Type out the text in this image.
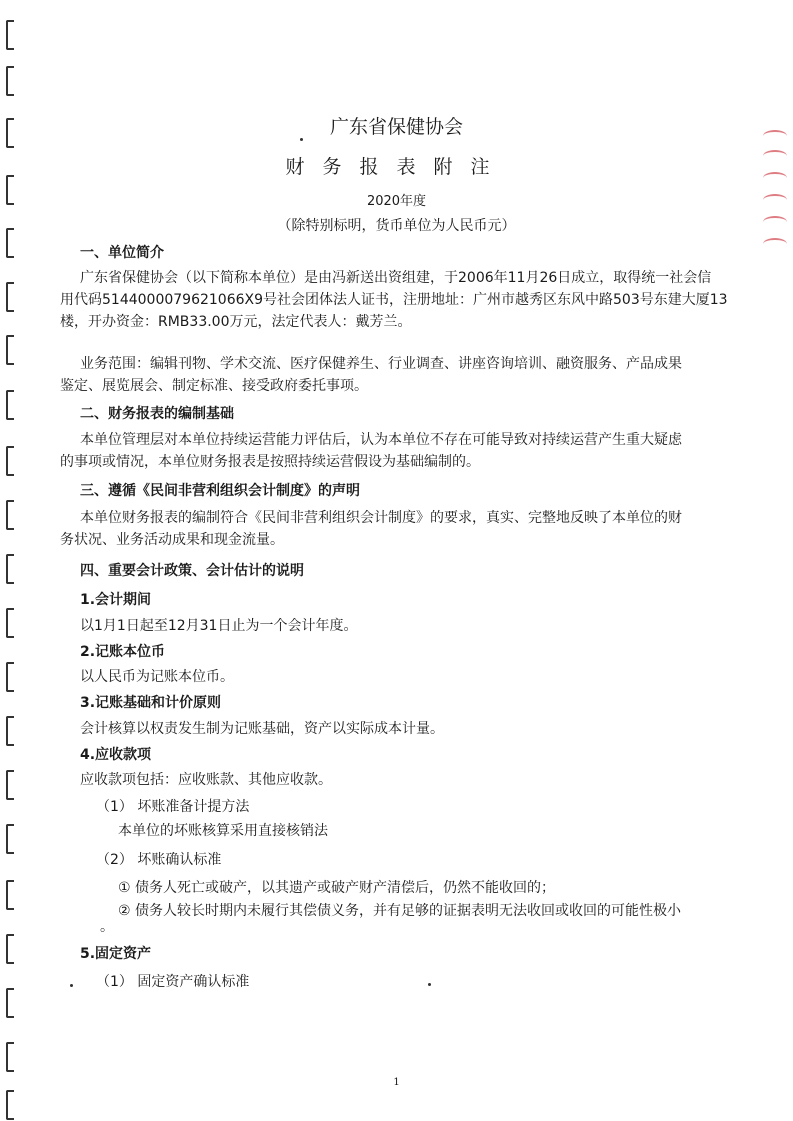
广东省保健协会
财务报表附注
2020年度
（除特别标明，货币单位为人民币元）
一、单位简介
广东省保健协会（以下简称本单位）是由冯新送出资组建，于2006年11月26日成立，取得统一社会信
用代码5144000079621066X9号社会团体法人证书，注册地址：广州市越秀区东风中路503号东建大厦13
楼，开办资金：RMB33.00万元，法定代表人：戴芳兰。
业务范围：编辑刊物、学术交流、医疗保健养生、行业调查、讲座咨询培训、融资服务、产品成果
鉴定、展览展会、制定标准、接受政府委托事项。
二、财务报表的编制基础
本单位管理层对本单位持续运营能力评估后，认为本单位不存在可能导致对持续运营产生重大疑虑
的事项或情况，本单位财务报表是按照持续运营假设为基础编制的。
三、遵循《民间非营利组织会计制度》的声明
本单位财务报表的编制符合《民间非营利组织会计制度》的要求，真实、完整地反映了本单位的财
务状况、业务活动成果和现金流量。
四、重要会计政策、会计估计的说明
1.会计期间
以1月1日起至12月31日止为一个会计年度。
2.记账本位币
以人民币为记账本位币。
3.记账基础和计价原则
会计核算以权责发生制为记账基础，资产以实际成本计量。
4.应收款项
应收款项包括：应收账款、其他应收款。
（1） 坏账准备计提方法
本单位的坏账核算采用直接核销法
（2） 坏账确认标准
① 债务人死亡或破产，以其遗产或破产财产清偿后，仍然不能收回的；
② 债务人较长时期内未履行其偿债义务，并有足够的证据表明无法收回或收回的可能性极小
。
5.固定资产
（1） 固定资产确认标准
1
